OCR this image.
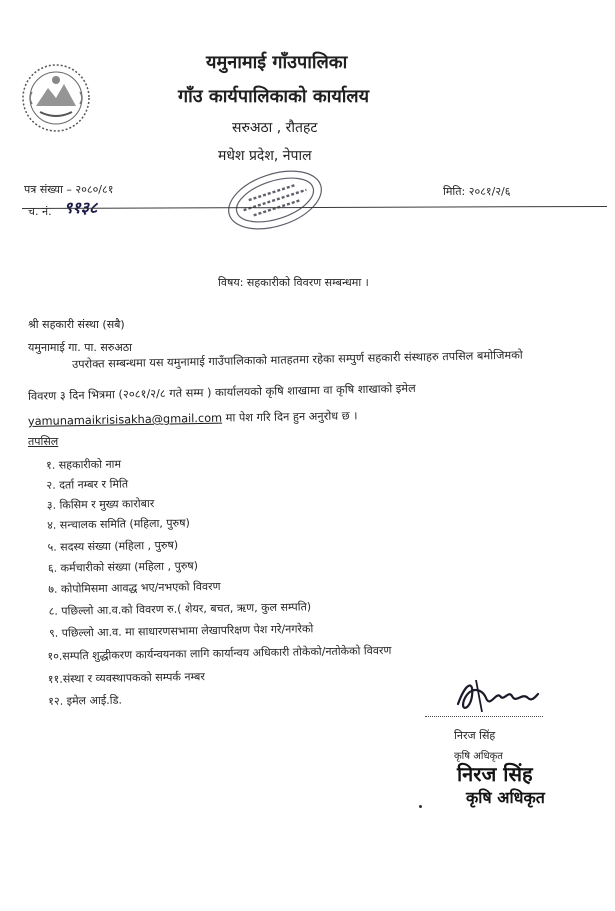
यमुनामाई गाँउपालिका
गाँउ कार्यपालिकाको कार्यालय
सरुअठा , रौतहट
मधेश प्रदेश, नेपाल
पत्र संख्या – २०८०/८१
च. नं. ९१३८
मिति: २०८१/२/६
विषय: सहकारीको विवरण सम्बन्धमा ।
श्री सहकारी संस्था (सबै)
यमुनामाई गा. पा. सरुअठा
उपरोक्त सम्बन्धमा यस यमुनामाई गाउँपालिकाको मातहतमा रहेका सम्पुर्ण सहकारी संस्थाहरु तपसिल बमोजिमको
विवरण ३ दिन भित्रमा (२०८१/२/८ गते सम्म ) कार्यालयको कृषि शाखामा वा कृषि शाखाको इमेल
yamunamaikrisisakha@gmail.com मा पेश गरि दिन हुन अनुरोध छ ।
तपसिल
१. सहकारीको नाम
२. दर्ता नम्बर र मिति
३. किसिम र मुख्य कारोबार
४. सन्चालक समिति (महिला, पुरुष)
५. सदस्य संख्या (महिला , पुरुष)
६. कर्मचारीको संख्या (महिला , पुरुष)
७. कोपोमिसमा आवद्ध भए/नभएको विवरण
८. पछिल्लो आ.व.को विवरण रु.( शेयर, बचत, ऋण, कुल सम्पति)
९. पछिल्लो आ.व. मा साधारणसभामा लेखापरिक्षण पेश गरे/नगरेको
१०.सम्पति शुद्धीकरण कार्यन्वयनका लागि कार्यान्वय अधिकारी तोकेको/नतोकेको विवरण
११.संस्था र व्यवस्थापकको सम्पर्क नम्बर
१२. इमेल आई.डि.
निरज सिंह
कृषि अधिकृत
निरज सिंह
कृषि अधिकृत
